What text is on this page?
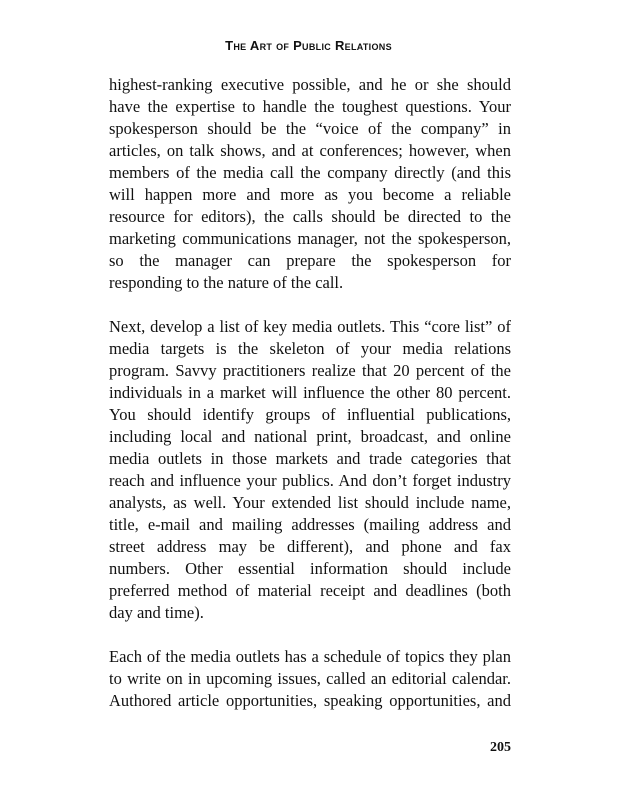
The Art of Public Relations
highest-ranking executive possible, and he or she should
have the expertise to handle the toughest questions. Your
spokesperson should be the “voice of the company” in
articles, on talk shows, and at conferences; however, when
members of the media call the company directly (and this
will happen more and more as you become a reliable
resource for editors), the calls should be directed to the
marketing communications manager, not the spokesperson,
so the manager can prepare the spokesperson for
responding to the nature of the call.
Next, develop a list of key media outlets. This “core list” of
media targets is the skeleton of your media relations
program. Savvy practitioners realize that 20 percent of the
individuals in a market will influence the other 80 percent.
You should identify groups of influential publications,
including local and national print, broadcast, and online
media outlets in those markets and trade categories that
reach and influence your publics. And don’t forget industry
analysts, as well. Your extended list should include name,
title, e-mail and mailing addresses (mailing address and
street address may be different), and phone and fax
numbers. Other essential information should include
preferred method of material receipt and deadlines (both
day and time).
Each of the media outlets has a schedule of topics they plan
to write on in upcoming issues, called an editorial calendar.
Authored article opportunities, speaking opportunities, and
205
